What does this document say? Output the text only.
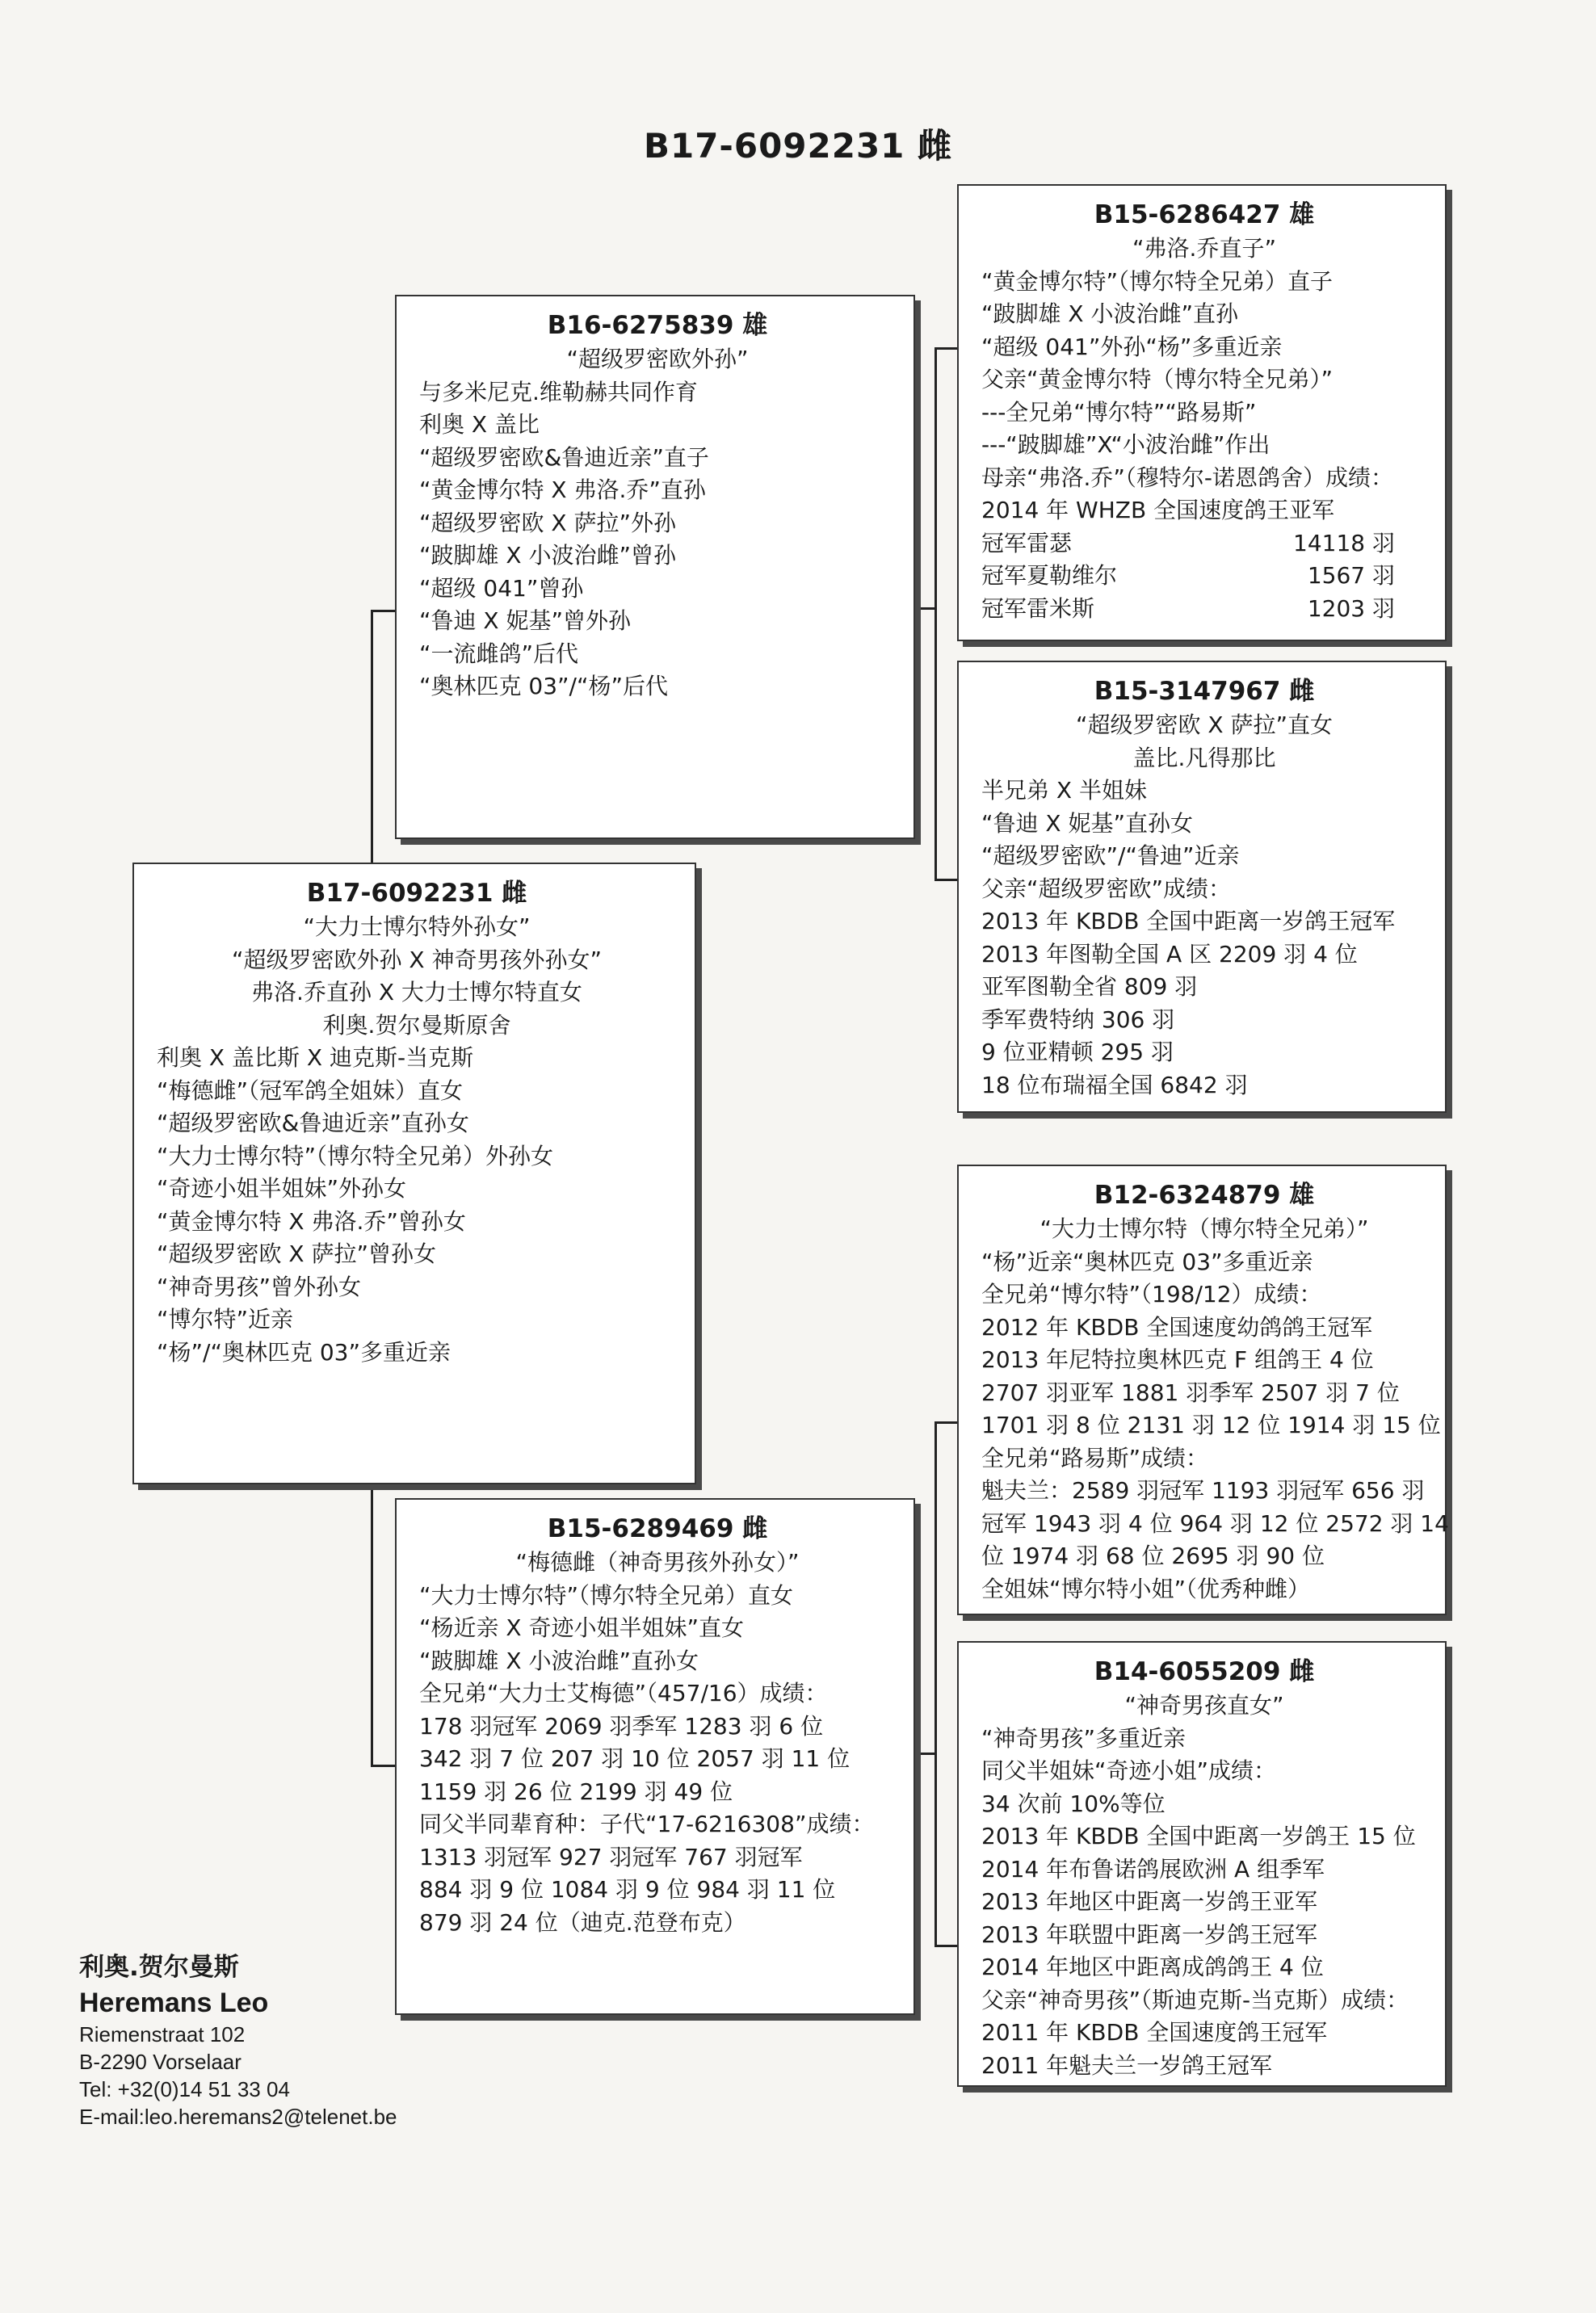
B17-6092231 雌
B16-6275839 雄
“超级罗密欧外孙”
与多米尼克.维勒赫共同作育
利奥 X 盖比
“超级罗密欧&鲁迪近亲”直子
“黄金博尔特 X 弗洛.乔”直孙
“超级罗密欧 X 萨拉”外孙
“跛脚雄 X 小波治雌”曾孙
“超级 041”曾孙
“鲁迪 X 妮基”曾外孙
“一流雌鸽”后代
“奥林匹克 03”/“杨”后代
B17-6092231 雌
“大力士博尔特外孙女”
“超级罗密欧外孙 X 神奇男孩外孙女”
弗洛.乔直孙 X 大力士博尔特直女
利奥.贺尔曼斯原舍
利奥 X 盖比斯 X 迪克斯-当克斯
“梅德雌”（冠军鸽全姐妹）直女
“超级罗密欧&鲁迪近亲”直孙女
“大力士博尔特”（博尔特全兄弟）外孙女
“奇迹小姐半姐妹”外孙女
“黄金博尔特 X 弗洛.乔”曾孙女
“超级罗密欧 X 萨拉”曾孙女
“神奇男孩”曾外孙女
“博尔特”近亲
“杨”/“奥林匹克 03”多重近亲
B15-6289469 雌
“梅德雌（神奇男孩外孙女）”
“大力士博尔特”（博尔特全兄弟）直女
“杨近亲 X 奇迹小姐半姐妹”直女
“跛脚雄 X 小波治雌”直孙女
全兄弟“大力士艾梅德”（457/16）成绩：
178 羽冠军 2069 羽季军 1283 羽 6 位
342 羽 7 位 207 羽 10 位 2057 羽 11 位
1159 羽 26 位 2199 羽 49 位
同父半同辈育种：子代“17-6216308”成绩：
1313 羽冠军 927 羽冠军 767 羽冠军
884 羽 9 位 1084 羽 9 位 984 羽 11 位
879 羽 24 位（迪克.范登布克）
B15-6286427 雄
“弗洛.乔直子”
“黄金博尔特”（博尔特全兄弟）直子
“跛脚雄 X 小波治雌”直孙
“超级 041”外孙“杨”多重近亲
父亲“黄金博尔特（博尔特全兄弟）”
---全兄弟“博尔特”“路易斯”
---“跛脚雄”X“小波治雌”作出
母亲“弗洛.乔”（穆特尔-诺恩鸽舍）成绩：
2014 年 WHZB 全国速度鸽王亚军
冠军雷瑟	14118 羽
冠军夏勒维尔	1567 羽
冠军雷米斯	1203 羽
B15-3147967 雌
“超级罗密欧 X 萨拉”直女
盖比.凡得那比
半兄弟 X 半姐妹
“鲁迪 X 妮基”直孙女
“超级罗密欧”/“鲁迪”近亲
父亲“超级罗密欧”成绩：
2013 年 KBDB 全国中距离一岁鸽王冠军
2013 年图勒全国 A 区 2209 羽 4 位
亚军图勒全省 809 羽
季军费特纳 306 羽
9 位亚精顿 295 羽
18 位布瑞福全国 6842 羽
B12-6324879 雄
“大力士博尔特（博尔特全兄弟）”
“杨”近亲“奥林匹克 03”多重近亲
全兄弟“博尔特”（198/12）成绩：
2012 年 KBDB 全国速度幼鸽鸽王冠军
2013 年尼特拉奥林匹克 F 组鸽王 4 位
2707 羽亚军 1881 羽季军 2507 羽 7 位
1701 羽 8 位 2131 羽 12 位 1914 羽 15 位
全兄弟“路易斯”成绩：
魁夫兰：2589 羽冠军 1193 羽冠军 656 羽
冠军 1943 羽 4 位 964 羽 12 位 2572 羽 14
位 1974 羽 68 位 2695 羽 90 位
全姐妹“博尔特小姐”（优秀种雌）
B14-6055209 雌
“神奇男孩直女”
“神奇男孩”多重近亲
同父半姐妹“奇迹小姐”成绩：
34 次前 10%等位
2013 年 KBDB 全国中距离一岁鸽王 15 位
2014 年布鲁诺鸽展欧洲 A 组季军
2013 年地区中距离一岁鸽王亚军
2013 年联盟中距离一岁鸽王冠军
2014 年地区中距离成鸽鸽王 4 位
父亲“神奇男孩”（斯迪克斯-当克斯）成绩：
2011 年 KBDB 全国速度鸽王冠军
2011 年魁夫兰一岁鸽王冠军
利奥.贺尔曼斯
Heremans Leo
Riemenstraat 102
B-2290 Vorselaar
Tel: +32(0)14 51 33 04
E-mail:leo.heremans2@telenet.be
